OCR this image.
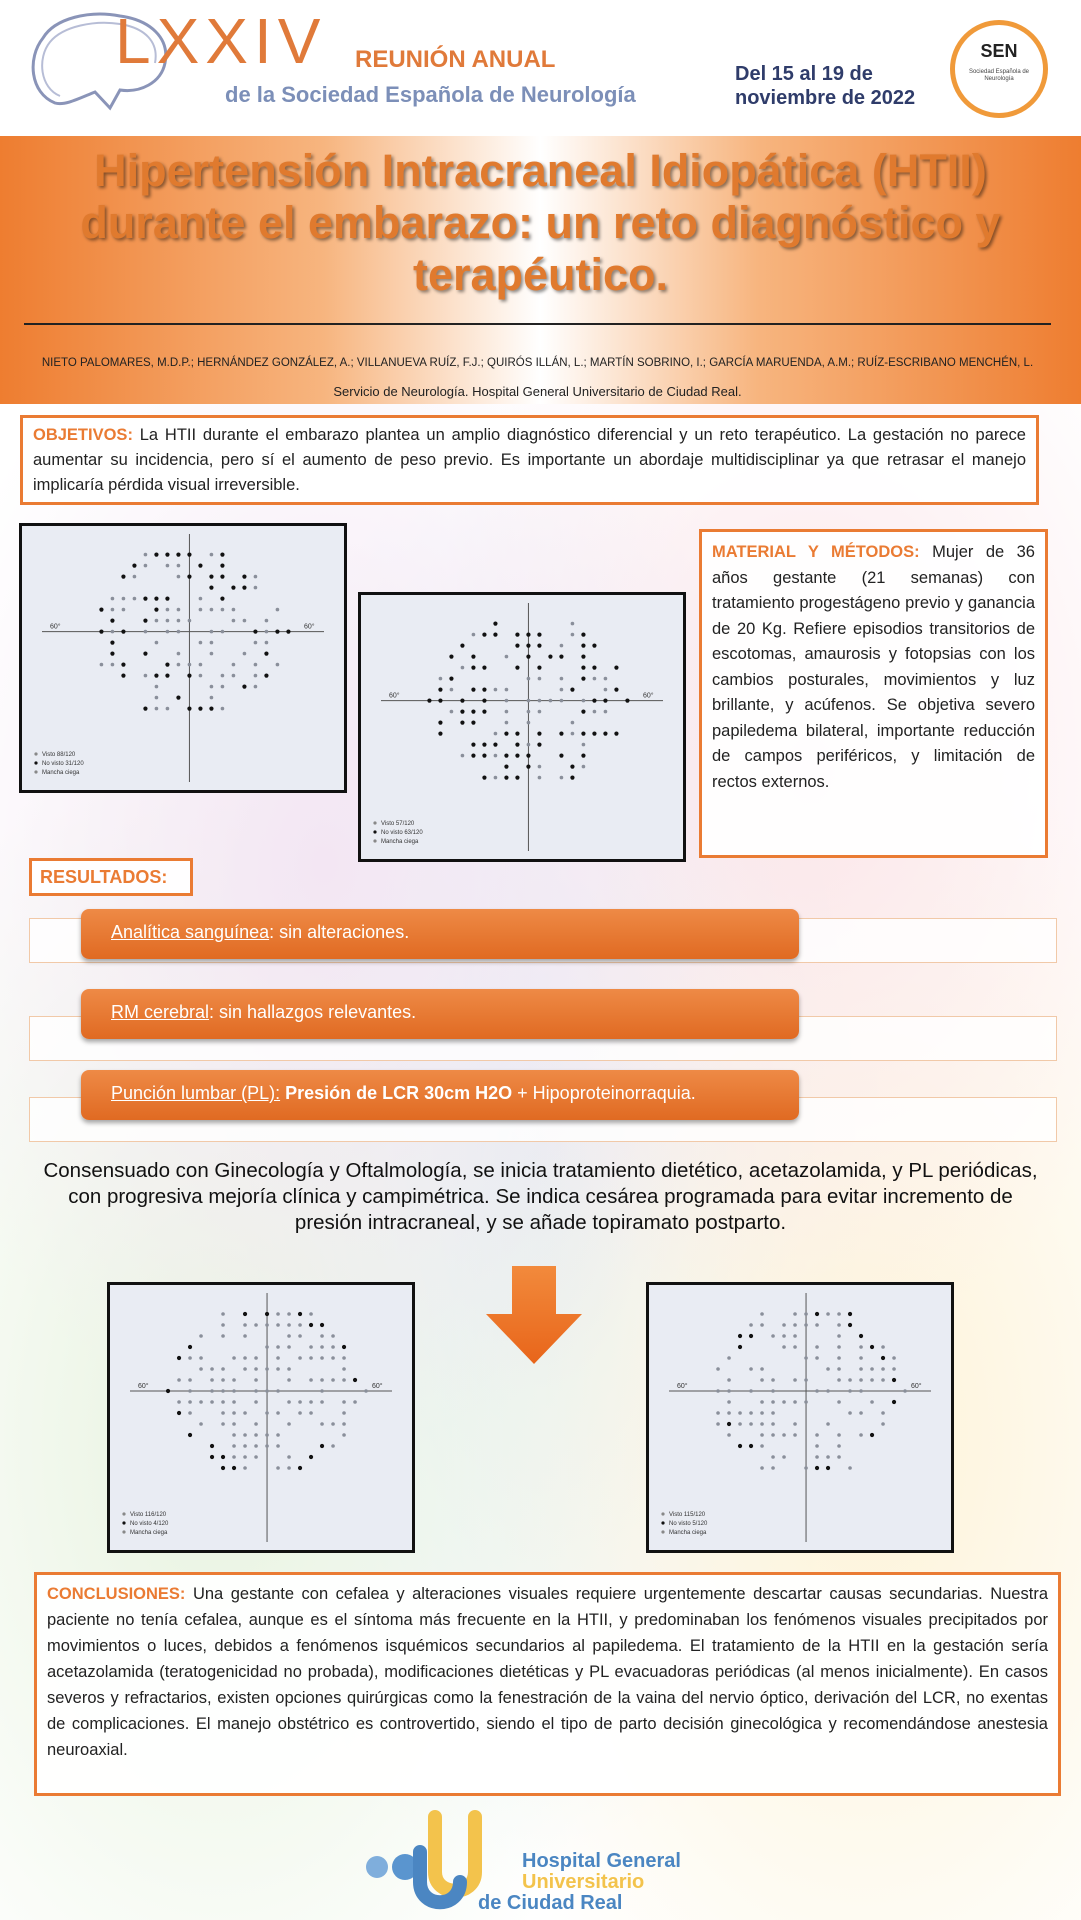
LXXIV REUNIÓN ANUAL
de la Sociedad Española de Neurología
Del 15 al 19 de
noviembre de 2022
SEN
Sociedad Española de Neurología
Hipertensión Intracraneal Idiopática (HTII)
durante el embarazo: un reto diagnóstico y
terapéutico.
NIETO PALOMARES, M.D.P.; HERNÁNDEZ GONZÁLEZ, A.; VILLANUEVA RUÍZ, F.J.; QUIRÓS ILLÁN, L.; MARTÍN SOBRINO, I.; GARCÍA MARUENDA, A.M.; RUÍZ-ESCRIBANO MENCHÉN, L.
Servicio de Neurología. Hospital General Universitario de Ciudad Real.
OBJETIVOS: La HTII durante el embarazo plantea un amplio diagnóstico diferencial y un reto terapéutico. La gestación no parece aumentar su incidencia, pero sí el aumento de peso previo. Es importante un abordaje multidisciplinar ya que retrasar el manejo implicaría pérdida visual irreversible.
60°	60°
Visto 88/120
No visto 31/120
Mancha ciega
60°	60°
Visto 57/120
No visto 63/120
Mancha ciega
60°	60°
Visto 116/120
No visto 4/120
Mancha ciega
60°	60°
Visto 115/120
No visto 5/120
Mancha ciega
MATERIAL Y MÉTODOS: Mujer de 36 años gestante (21 semanas) con tratamiento progestágeno previo y ganancia de 20 Kg. Refiere episodios transitorios de escotomas, amaurosis y fotopsias con los cambios posturales, movimientos y luz brillante, y acúfenos. Se objetiva severo papiledema bilateral, importante reducción de campos periféricos, y limitación de rectos externos.
RESULTADOS:
Analítica sanguínea: sin alteraciones.
RM cerebral: sin hallazgos relevantes.
Punción lumbar (PL): Presión de LCR 30cm H2O + Hipoproteinorraquia.
Consensuado con Ginecología y Oftalmología, se inicia tratamiento dietético, acetazolamida, y PL periódicas, con progresiva mejoría clínica y campimétrica. Se indica cesárea programada para evitar incremento de presión intracraneal, y se añade topiramato postparto.
CONCLUSIONES: Una gestante con cefalea y alteraciones visuales requiere urgentemente descartar causas secundarias. Nuestra paciente no tenía cefalea, aunque es el síntoma más frecuente en la HTII, y predominaban los fenómenos visuales precipitados por movimientos o luces, debidos a fenómenos isquémicos secundarios al papiledema. El tratamiento de la HTII en la gestación sería acetazolamida (teratogenicidad no probada), modificaciones dietéticas y PL evacuadoras periódicas (al menos inicialmente). En casos severos y refractarios, existen opciones quirúrgicas como la fenestración de la vaina del nervio óptico, derivación del LCR, no exentas de complicaciones. El manejo obstétrico es controvertido, siendo el tipo de parto decisión ginecológica y recomendándose anestesia neuroaxial.
Hospital General
Universitario
de Ciudad Real
